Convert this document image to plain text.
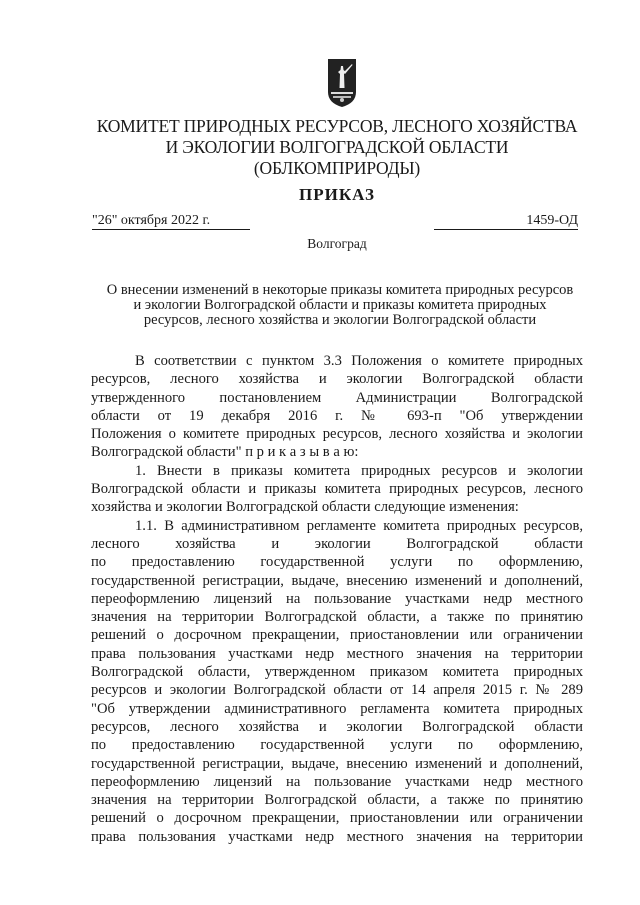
КОМИТЕТ ПРИРОДНЫХ РЕСУРСОВ, ЛЕСНОГО ХОЗЯЙСТВА
И ЭКОЛОГИИ ВОЛГОГРАДСКОЙ ОБЛАСТИ
(ОБЛКОМПРИРОДЫ)
ПРИКАЗ
"26" октября 2022 г.	1459-ОД
Волгоград
О внесении изменений в некоторые приказы комитета природных ресурсов
и экологии Волгоградской области и приказы комитета природных
ресурсов, лесного хозяйства и экологии Волгоградской области
В соответствии с пунктом 3.3 Положения о комитете природных
ресурсов, лесного хозяйства и экологии Волгоградской области
утвержденного постановлением Администрации Волгоградской
области от 19 декабря 2016 г. № 693-п "Об утверждении
Положения о комитете природных ресурсов, лесного хозяйства и экологии
Волгоградской области" п р и к а з ы в а ю:
1. Внести в приказы комитета природных ресурсов и экологии
Волгоградской области и приказы комитета природных ресурсов, лесного
хозяйства и экологии Волгоградской области следующие изменения:
1.1. В административном регламенте комитета природных ресурсов,
лесного хозяйства и экологии Волгоградской области
по предоставлению государственной услуги по оформлению,
государственной регистрации, выдаче, внесению изменений и дополнений,
переоформлению лицензий на пользование участками недр местного
значения на территории Волгоградской области, а также по принятию
решений о досрочном прекращении, приостановлении или ограничении
права пользования участками недр местного значения на территории
Волгоградской области, утвержденном приказом комитета природных
ресурсов и экологии Волгоградской области от 14 апреля 2015 г. № 289
"Об утверждении административного регламента комитета природных
ресурсов, лесного хозяйства и экологии Волгоградской области
по предоставлению государственной услуги по оформлению,
государственной регистрации, выдаче, внесению изменений и дополнений,
переоформлению лицензий на пользование участками недр местного
значения на территории Волгоградской области, а также по принятию
решений о досрочном прекращении, приостановлении или ограничении
права пользования участками недр местного значения на территории
